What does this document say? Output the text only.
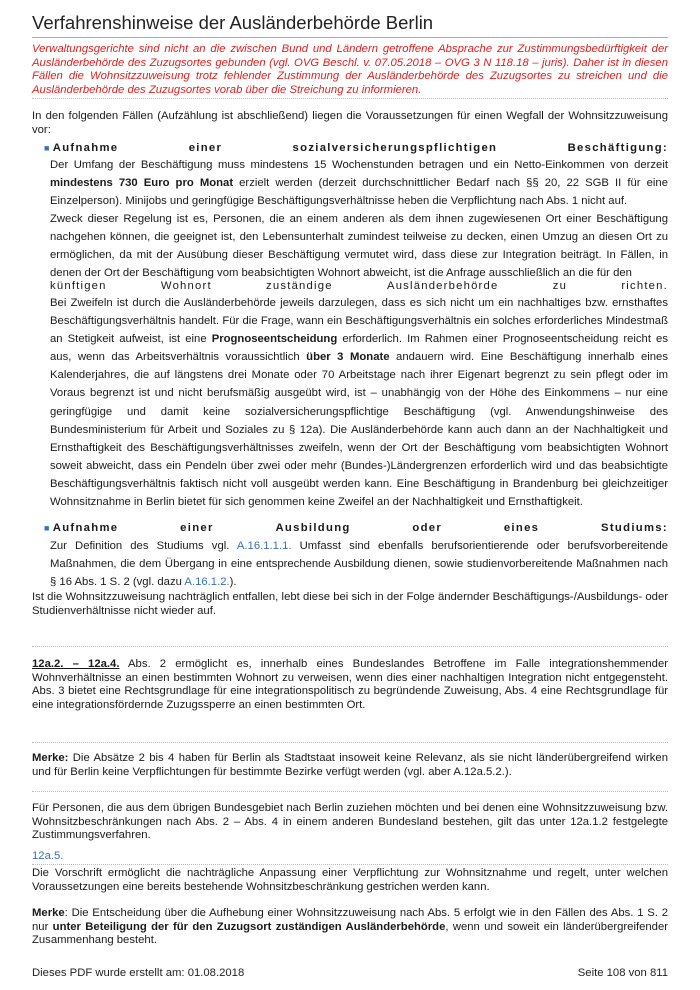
Verfahrenshinweise der Ausländerbehörde Berlin
Verwaltungsgerichte sind nicht an die zwischen Bund und Ländern getroffene Absprache zur Zustimmungsbedürftigkeit der Ausländerbehörde des Zuzugsortes gebunden (vgl. OVG Beschl. v. 07.05.2018 – OVG 3 N 118.18 – juris). Daher ist in diesen Fällen die Wohnsitzzuweisung trotz fehlender Zustimmung der Ausländerbehörde des Zuzugsortes zu streichen und die Ausländerbehörde des Zuzugsortes vorab über die Streichung zu informieren.
In den folgenden Fällen (Aufzählung ist abschließend) liegen die Voraussetzungen für einen Wegfall der Wohnsitzzuweisung vor:
■ Aufnahme	einer	sozialversicherungspflichtigen	Beschäftigung:
Der Umfang der Beschäftigung muss mindestens 15 Wochenstunden betragen und ein Netto-Einkommen von derzeit mindestens 730 Euro pro Monat erzielt werden (derzeit durchschnittlicher Bedarf nach §§ 20, 22 SGB II für eine Einzelperson). Minijobs und geringfügige Beschäftigungsverhältnisse heben die Verpflichtung nach Abs. 1 nicht auf.
Zweck dieser Regelung ist es, Personen, die an einem anderen als dem ihnen zugewiesenen Ort einer Beschäftigung nachgehen können, die geeignet ist, den Lebensunterhalt zumindest teilweise zu decken, einen Umzug an diesen Ort zu ermöglichen, da mit der Ausübung dieser Beschäftigung vermutet wird, dass diese zur Integration beiträgt. In Fällen, in denen der Ort der Beschäftigung vom beabsichtigten Wohnort abweicht, ist die Anfrage ausschließlich an die für den
künftigen	Wohnort	zuständige	Ausländerbehörde	zu	richten.
Bei Zweifeln ist durch die Ausländerbehörde jeweils darzulegen, dass es sich nicht um ein nachhaltiges bzw. ernsthaftes Beschäftigungsverhältnis handelt. Für die Frage, wann ein Beschäftigungsverhältnis ein solches erforderliches Mindestmaß an Stetigkeit aufweist, ist eine Prognoseentscheidung erforderlich. Im Rahmen einer Prognoseentscheidung reicht es aus, wenn das Arbeitsverhältnis voraussichtlich über 3 Monate andauern wird. Eine Beschäftigung innerhalb eines Kalenderjahres, die auf längstens drei Monate oder 70 Arbeitstage nach ihrer Eigenart begrenzt zu sein pflegt oder im Voraus begrenzt ist und nicht berufsmäßig ausgeübt wird, ist – unabhängig von der Höhe des Einkommens – nur eine geringfügige und damit keine sozialversicherungspflichtige Beschäftigung (vgl. Anwendungshinweise des Bundesministerium für Arbeit und Soziales zu § 12a). Die Ausländerbehörde kann auch dann an der Nachhaltigkeit und Ernsthaftigkeit des Beschäftigungsverhältnisses zweifeln, wenn der Ort der Beschäftigung vom beabsichtigten Wohnort soweit abweicht, dass ein Pendeln über zwei oder mehr (Bundes-)Ländergrenzen erforderlich wird und das beabsichtigte Beschäftigungsverhältnis faktisch nicht voll ausgeübt werden kann. Eine Beschäftigung in Brandenburg bei gleichzeitiger Wohnsitznahme in Berlin bietet für sich genommen keine Zweifel an der Nachhaltigkeit und Ernsthaftigkeit.
■ Aufnahme	einer	Ausbildung	oder	eines	Studiums:
Zur Definition des Studiums vgl. A.16.1.1.1. Umfasst sind ebenfalls berufsorientierende oder berufsvorbereitende Maßnahmen, die dem Übergang in eine entsprechende Ausbildung dienen, sowie studienvorbereitende Maßnahmen nach § 16 Abs. 1 S. 2 (vgl. dazu A.16.1.2.).
Ist die Wohnsitzzuweisung nachträglich entfallen, lebt diese bei sich in der Folge ändernder Beschäftigungs-/Ausbildungs- oder Studienverhältnisse nicht wieder auf.
12a.2. – 12a.4. Abs. 2 ermöglicht es, innerhalb eines Bundeslandes Betroffene im Falle integrationshemmender Wohnverhältnisse an einen bestimmten Wohnort zu verweisen, wenn dies einer nachhaltigen Integration nicht entgegensteht. Abs. 3 bietet eine Rechtsgrundlage für eine integrationspolitisch zu begründende Zuweisung, Abs. 4 eine Rechtsgrundlage für eine integrationsfördernde Zuzugssperre an einen bestimmten Ort.
Merke: Die Absätze 2 bis 4 haben für Berlin als Stadtstaat insoweit keine Relevanz, als sie nicht länderübergreifend wirken und für Berlin keine Verpflichtungen für bestimmte Bezirke verfügt werden (vgl. aber A.12a.5.2.).
Für Personen, die aus dem übrigen Bundesgebiet nach Berlin zuziehen möchten und bei denen eine Wohnsitzzuweisung bzw. Wohnsitzbeschränkungen nach Abs. 2 – Abs. 4 in einem anderen Bundesland bestehen, gilt das unter 12a.1.2 festgelegte Zustimmungsverfahren.
12a.5.
Die Vorschrift ermöglicht die nachträgliche Anpassung einer Verpflichtung zur Wohnsitznahme und regelt, unter welchen Voraussetzungen eine bereits bestehende Wohnsitzbeschränkung gestrichen werden kann.
Merke: Die Entscheidung über die Aufhebung einer Wohnsitzzuweisung nach Abs. 5 erfolgt wie in den Fällen des Abs. 1 S. 2 nur unter Beteiligung der für den Zuzugsort zuständigen Ausländerbehörde, wenn und soweit ein länderübergreifender Zusammenhang besteht.
Dieses PDF wurde erstellt am: 01.08.2018	Seite 108 von 811
